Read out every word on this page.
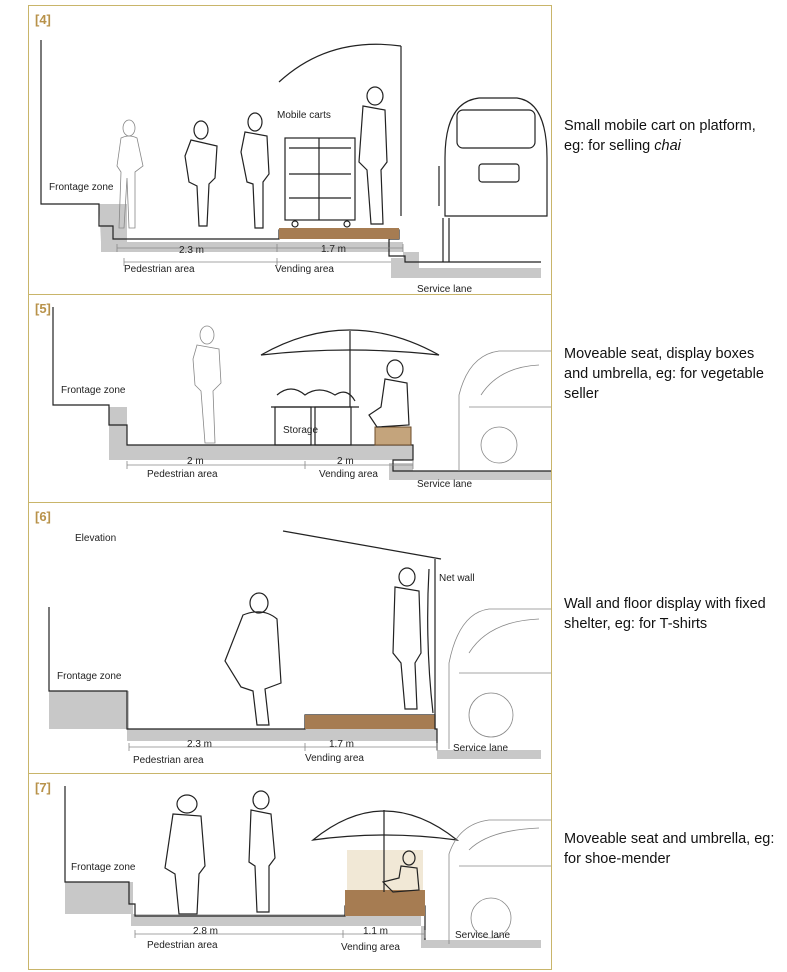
[4]
Frontage zone
Mobile carts
2.3 m	1.7 m
Pedestrian area	Vending area
Service lane
[5]
Frontage zone
Storage
2 m	2 m
Pedestrian area	Vending area
Service lane
[6]
Elevation
Net wall
Frontage zone
2.3 m	1.7 m
Pedestrian area	Vending area
Service lane
[7]
Frontage zone
2.8 m	1.1 m
Pedestrian area	Vending area
Service lane
Small mobile cart on platform, eg: for selling chai
Moveable seat, display boxes and umbrella, eg: for vegetable seller
Wall and floor display with fixed shelter, eg: for T-shirts
Moveable seat and umbrella, eg: for shoe-mender
